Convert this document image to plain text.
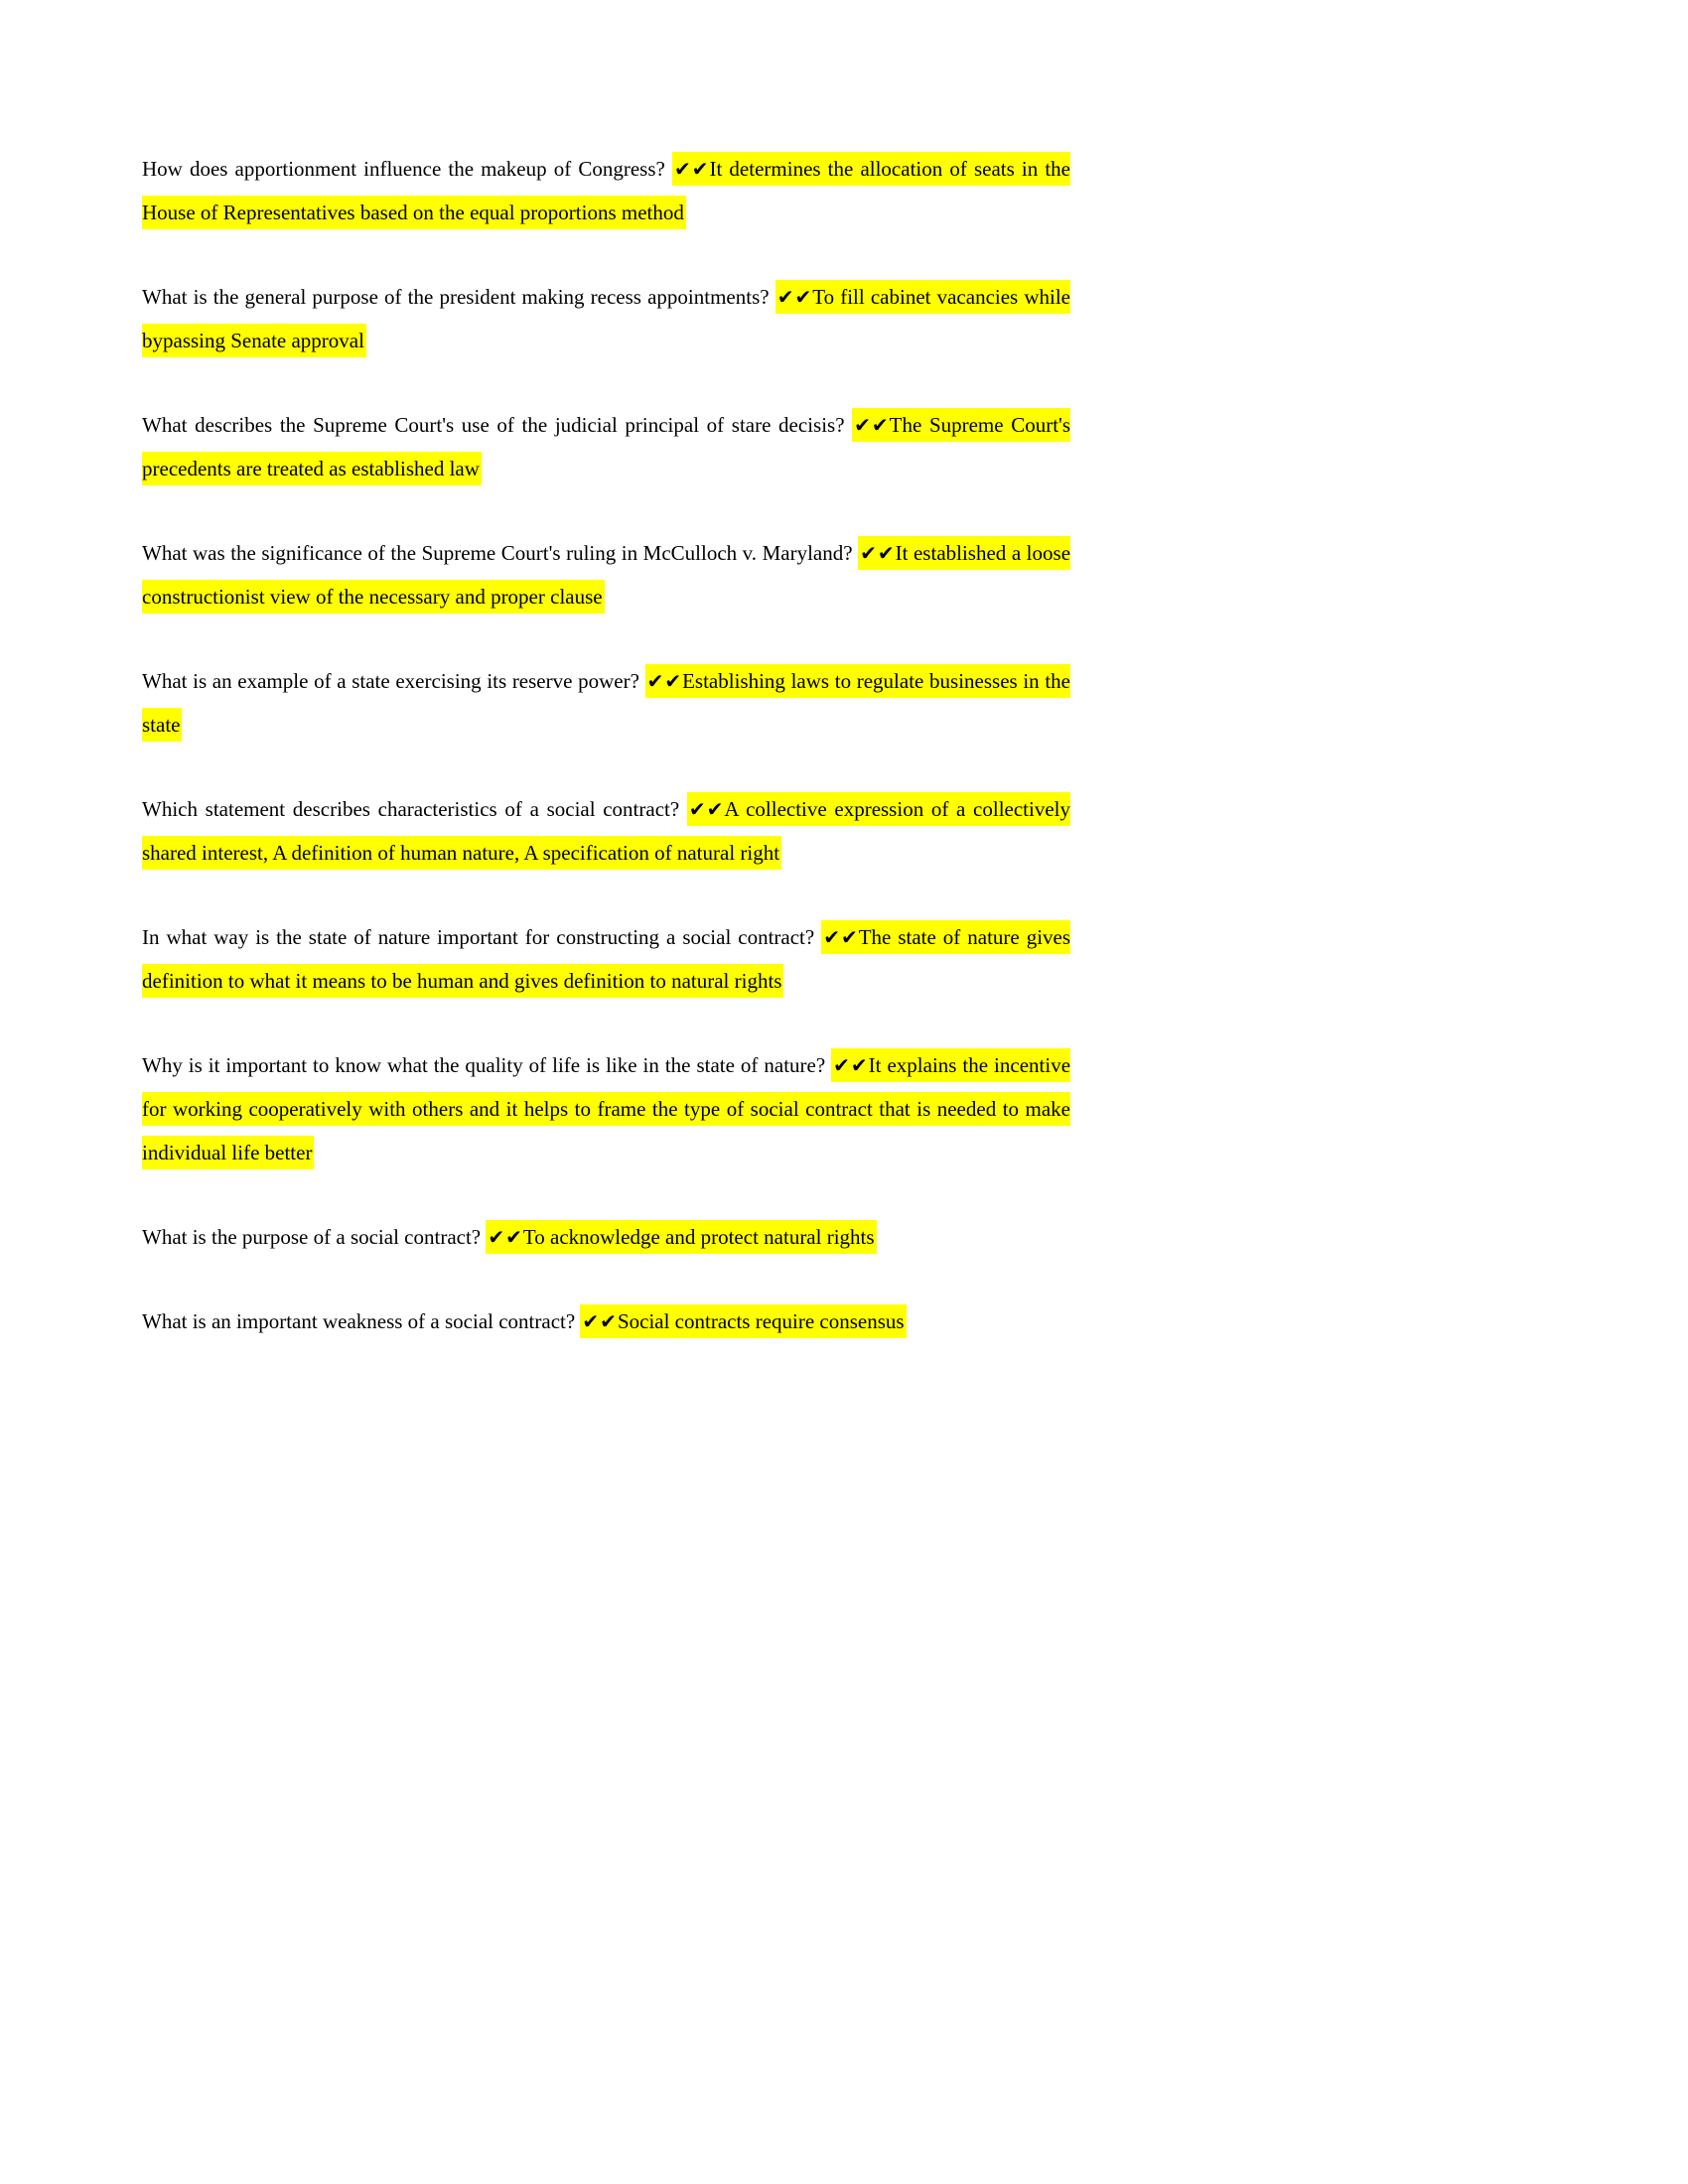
How does apportionment influence the makeup of Congress? ✔✔It determines the allocation of seats in the House of Representatives based on the equal proportions method

What is the general purpose of the president making recess appointments? ✔✔To fill cabinet vacancies while bypassing Senate approval

What describes the Supreme Court's use of the judicial principal of stare decisis? ✔✔The Supreme Court's precedents are treated as established law

What was the significance of the Supreme Court's ruling in McCulloch v. Maryland? ✔✔It established a loose constructionist view of the necessary and proper clause

What is an example of a state exercising its reserve power? ✔✔Establishing laws to regulate businesses in the state

Which statement describes characteristics of a social contract? ✔✔A collective expression of a collectively shared interest, A definition of human nature, A specification of natural right

In what way is the state of nature important for constructing a social contract? ✔✔The state of nature gives definition to what it means to be human and gives definition to natural rights

Why is it important to know what the quality of life is like in the state of nature? ✔✔It explains the incentive for working cooperatively with others and it helps to frame the type of social contract that is needed to make individual life better

What is the purpose of a social contract? ✔✔To acknowledge and protect natural rights

What is an important weakness of a social contract? ✔✔Social contracts require consensus
